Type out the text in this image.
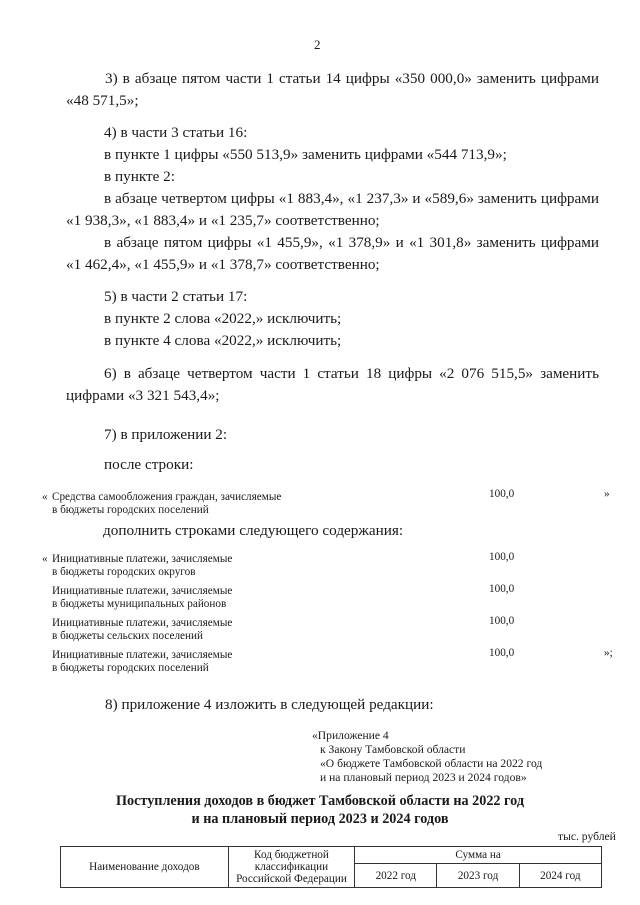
2
3) в абзаце пятом части 1 статьи 14 цифры «350 000,0» заменить цифрами
«48 571,5»;
4) в части 3 статьи 16:
в пункте 1 цифры «550 513,9» заменить цифрами «544 713,9»;
в пункте 2:
в абзаце четвертом цифры «1 883,4», «1 237,3» и «589,6» заменить цифрами
«1 938,3», «1 883,4» и «1 235,7» соответственно;
в абзаце пятом цифры «1 455,9», «1 378,9» и «1 301,8» заменить цифрами
«1 462,4», «1 455,9» и «1 378,7» соответственно;
5) в части 2 статьи 17:
в пункте 2 слова «2022,» исключить;
в пункте 4 слова «2022,» исключить;
6) в абзаце четвертом части 1 статьи 18 цифры «2 076 515,5» заменить
цифрами «3 321 543,4»;
7) в приложении 2:
после строки:
« Средства самообложения граждан, зачисляемые
в бюджеты городских поселений
100,0	»
дополнить строками следующего содержания:
« Инициативные платежи, зачисляемые
в бюджеты городских округов
100,0
Инициативные платежи, зачисляемые
в бюджеты муниципальных районов
100,0
Инициативные платежи, зачисляемые
в бюджеты сельских поселений
100,0
Инициативные платежи, зачисляемые
в бюджеты городских поселений
100,0	»;
8) приложение 4 изложить в следующей редакции:
«Приложение 4
к Закону Тамбовской области
«О бюджете Тамбовской области на 2022 год
и на плановый период 2023 и 2024 годов»
Поступления доходов в бюджет Тамбовской области на 2022 год
и на плановый период 2023 и 2024 годов
тыс. рублей
Наименование доходов	Код бюджетной
классификации
Российской Федерации	Сумма на		
		2022 год	2023 год	2024 год
